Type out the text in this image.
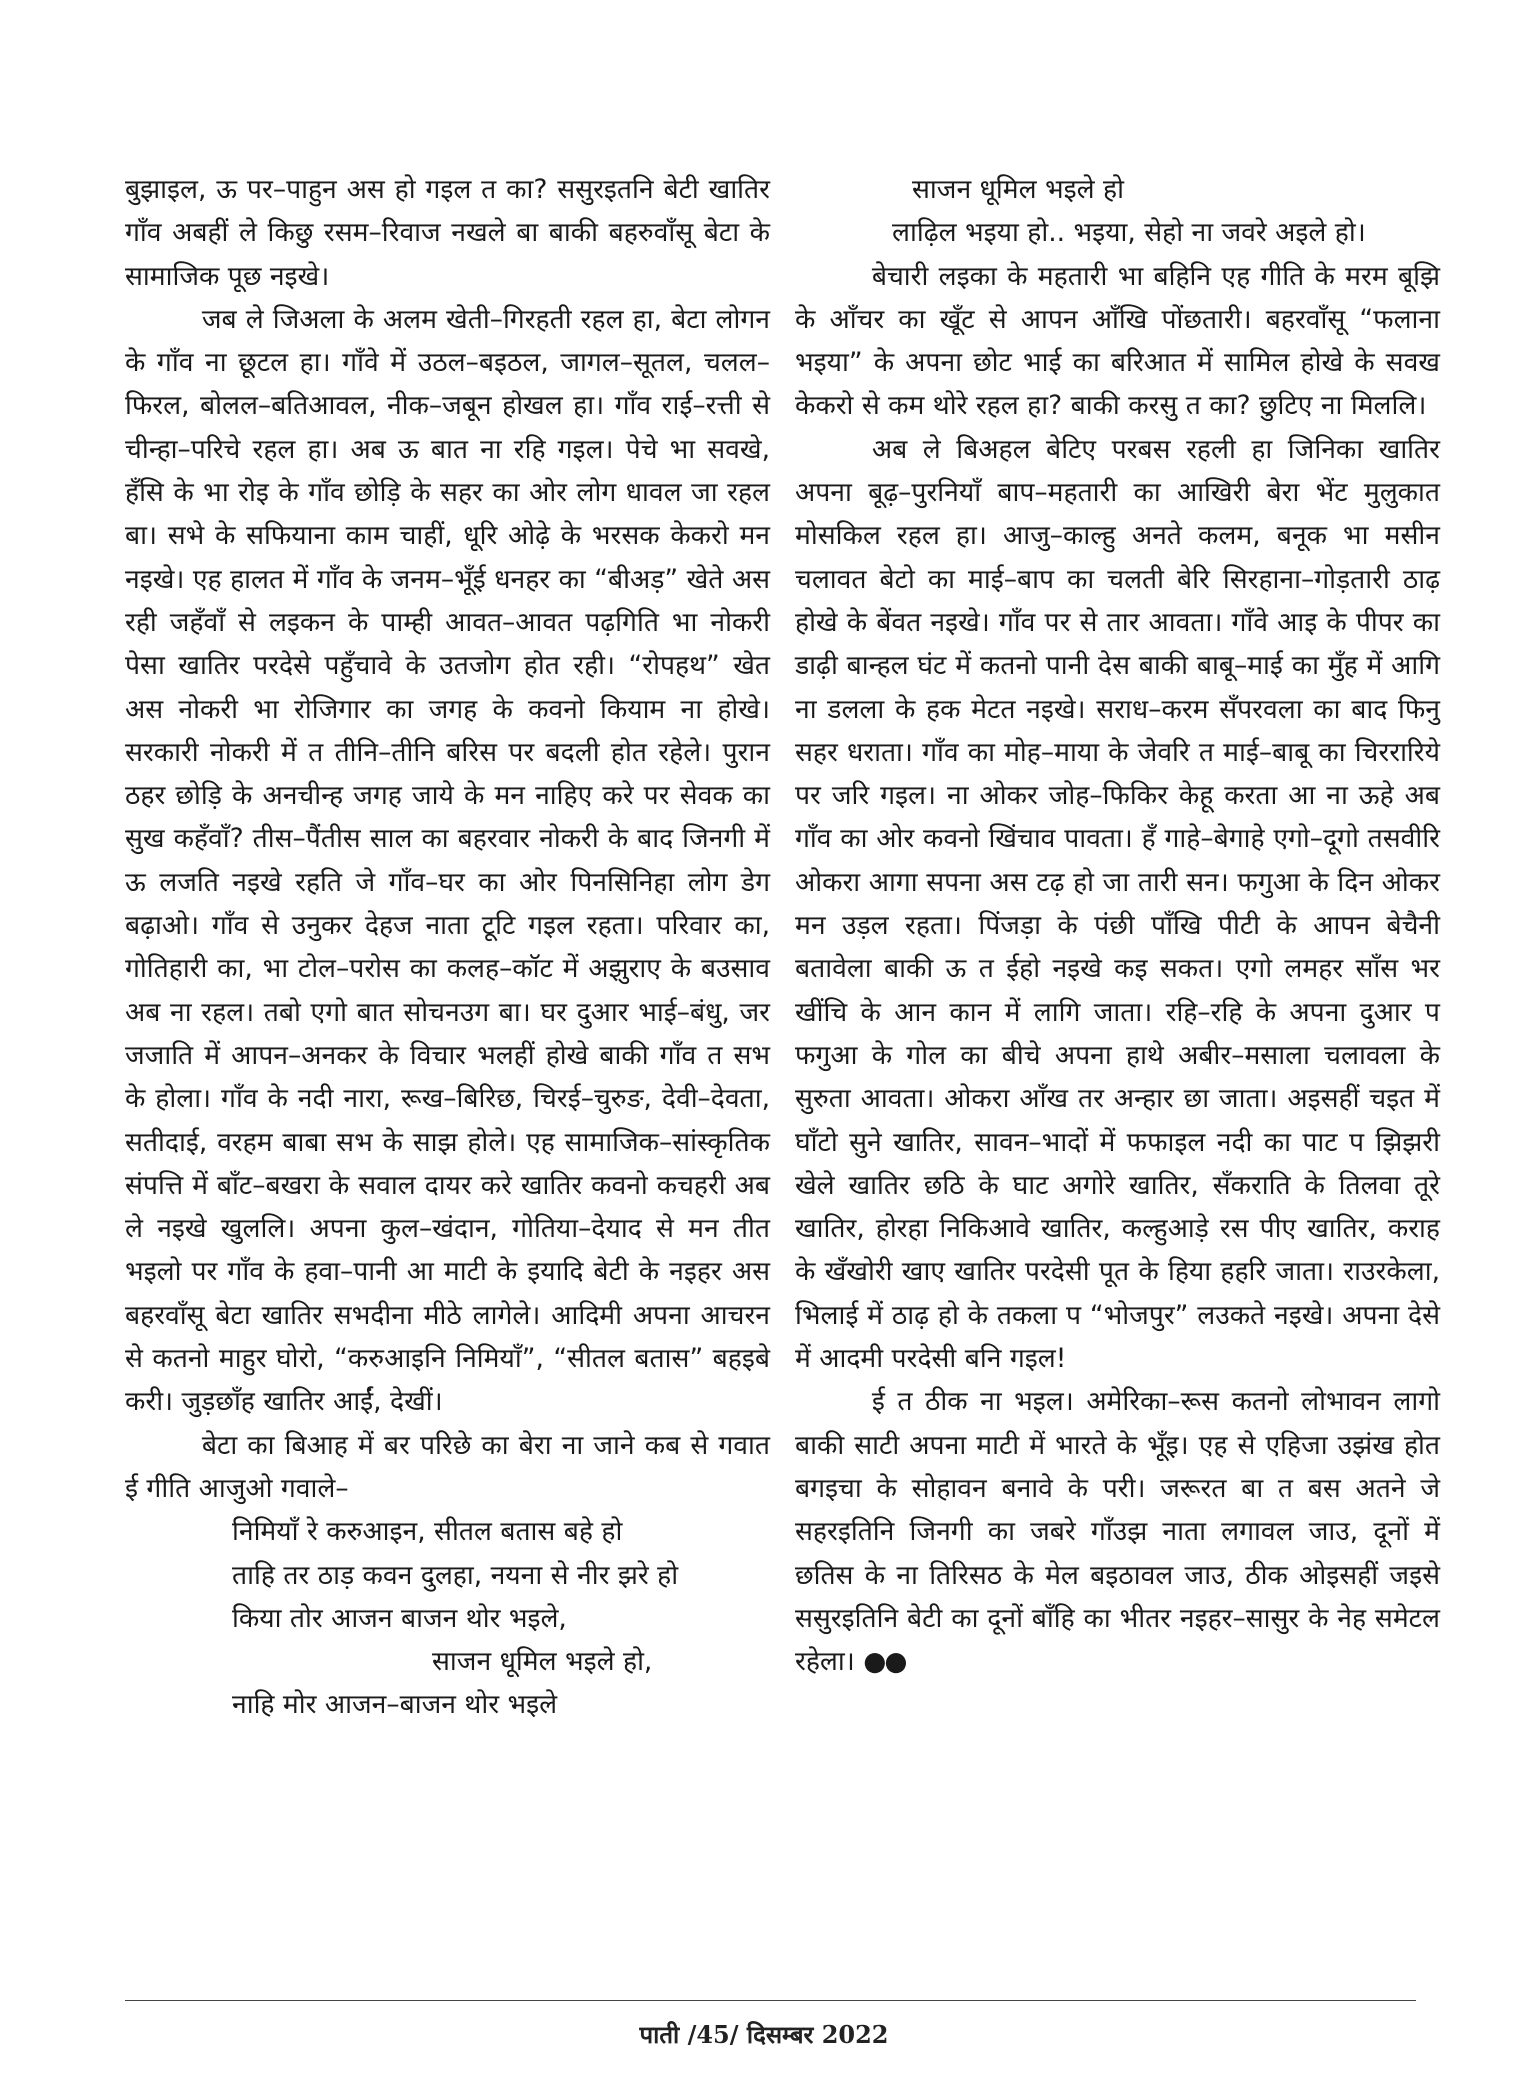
बुझाइल, ऊ पर–पाहुन अस हो गइल त का? ससुरइतनि बेटी खातिर गाँव अबहीं ले किछु रसम–रिवाज नखले बा बाकी बहरुवाँसू बेटा के सामाजिक पूछ नइखे।

जब ले जिअला के अलम खेती–गिरहती रहल हा, बेटा लोगन के गाँव ना छूटल हा। गाँवे में उठल–बइठल, जागल–सूतल, चलल–फिरल, बोलल–बतिआवल, नीक–जबून होखल हा। गाँव राई–रत्ती से चीन्हा–परिचे रहल हा। अब ऊ बात ना रहि गइल। पेचे भा सवखे, हँसि के भा रोइ के गाँव छोड़ि के सहर का ओर लोग धावल जा रहल बा। सभे के सफियाना काम चाहीं, धूरि ओढ़े के भरसक केकरो मन नइखे। एह हालत में गाँव के जनम–भूँई धनहर का “बीअड़” खेते अस रही जहँवाँ से लइकन के पाम्ही आवत–आवत पढ़गिति भा नोकरी पेसा खातिर परदेसे पहुँचावे के उतजोग होत रही। “रोपहथ” खेत अस नोकरी भा रोजिगार का जगह के कवनो कियाम ना होखे। सरकारी नोकरी में त तीनि–तीनि बरिस पर बदली होत रहेले। पुरान ठहर छोड़ि के अनचीन्ह जगह जाये के मन नाहिए करे पर सेवक का सुख कहँवाँ? तीस–पैंतीस साल का बहरवार नोकरी के बाद जिनगी में ऊ लजति नइखे रहति जे गाँव–घर का ओर पिनसिनिहा लोग डेग बढ़ाओ। गाँव से उनुकर देहज नाता टूटि गइल रहता। परिवार का, गोतिहारी का, भा टोल–परोस का कलह–कॉट में अझुराए के बउसाव अब ना रहल। तबो एगो बात सोचनउग बा। घर दुआर भाई–बंधु, जर जजाति में आपन–अनकर के विचार भलहीं होखे बाकी गाँव त सभ के होला। गाँव के नदी नारा, रूख–बिरिछ, चिरई–चुरुङ, देवी–देवता, सतीदाई, वरहम बाबा सभ के साझ होले। एह सामाजिक–सांस्कृतिक संपत्ति में बाँट–बखरा के सवाल दायर करे खातिर कवनो कचहरी अब ले नइखे खुललि। अपना कुल–खंदान, गोतिया–देयाद से मन तीत भइलो पर गाँव के हवा–पानी आ माटी के इयादि बेटी के नइहर अस बहरवाँसू बेटा खातिर सभदीना मीठे लागेले। आदिमी अपना आचरन से कतनो माहुर घोरो, “करुआइनि निमियाँ”, “सीतल बतास” बहइबे करी। जुड़छाँह खातिर आईं, देखीं।

बेटा का बिआह में बर परिछे का बेरा ना जाने कब से गवात ई गीति आजुओ गवाले–

निमियाँ रे करुआइन, सीतल बतास बहे हो

ताहि तर ठाड़ कवन दुलहा, नयना से नीर झरे हो

किया तोर आजन बाजन थोर भइले,

साजन धूमिल भइले हो,

नाहि मोर आजन–बाजन थोर भइले

साजन धूमिल भइले हो

लाढ़िल भइया हो.. भइया, सेहो ना जवरे अइले हो।

बेचारी लइका के महतारी भा बहिनि एह गीति के मरम बूझि के आँचर का खूँट से आपन आँखि पोंछतारी। बहरवाँसू “फलाना भइया” के अपना छोट भाई का बरिआत में सामिल होखे के सवख केकरो से कम थोरे रहल हा? बाकी करसु त का? छुटिए ना मिललि।

अब ले बिअहल बेटिए परबस रहली हा जिनिका खातिर अपना बूढ़–पुरनियाँ बाप–महतारी का आखिरी बेरा भेंट मुलुकात मोसकिल रहल हा। आजु–काल्हु अनते कलम, बनूक भा मसीन चलावत बेटो का माई–बाप का चलती बेरि सिरहाना–गोड़तारी ठाढ़ होखे के बेंवत नइखे। गाँव पर से तार आवता। गाँवे आइ के पीपर का डाढ़ी बान्हल घंट में कतनो पानी देस बाकी बाबू–माई का मुँह में आगि ना डलला के हक मेटत नइखे। सराध–करम सँपरवला का बाद फिनु सहर धराता। गाँव का मोह–माया के जेवरि त माई–बाबू का चिररारिये पर जरि गइल। ना ओकर जोह–फिकिर केहू करता आ ना ऊहे अब गाँव का ओर कवनो खिंचाव पावता। हँ गाहे–बेगाहे एगो–दूगो तसवीरि ओकरा आगा सपना अस टढ़ हो जा तारी सन। फगुआ के दिन ओकर मन उड़ल रहता। पिंजड़ा के पंछी पाँखि पीटी के आपन बेचैनी बतावेला बाकी ऊ त ईहो नइखे कइ सकत। एगो लमहर साँस भर खींचि के आन कान में लागि जाता। रहि–रहि के अपना दुआर प फगुआ के गोल का बीचे अपना हाथे अबीर–मसाला चलावला के सुरुता आवता। ओकरा आँख तर अन्हार छा जाता। अइसहीं चइत में घाँटो सुने खातिर, सावन–भादों में फफाइल नदी का पाट प झिझरी खेले खातिर छठि के घाट अगोरे खातिर, सँकराति के तिलवा तूरे खातिर, होरहा निकिआवे खातिर, कल्हुआड़े रस पीए खातिर, कराह के खँखोरी खाए खातिर परदेसी पूत के हिया हहरि जाता। राउरकेला, भिलाई में ठाढ़ हो के तकला प “भोजपुर” लउकते नइखे। अपना देसे में आदमी परदेसी बनि गइल!

ई त ठीक ना भइल। अमेरिका–रूस कतनो लोभावन लागो बाकी साटी अपना माटी में भारते के भूँइ। एह से एहिजा उझंख होत बगइचा के सोहावन बनावे के परी। जरूरत बा त बस अतने जे सहरइतिनि जिनगी का जबरे गाँउझ नाता लगावल जाउ, दूनों में छतिस के ना तिरिसठ के मेल बइठावल जाउ, ठीक ओइसहीं जइसे ससुरइतिनि बेटी का दूनों बाँहि का भीतर नइहर–सासुर के नेह समेटल रहेला। ●●

पाती /45/ दिसम्बर 2022
